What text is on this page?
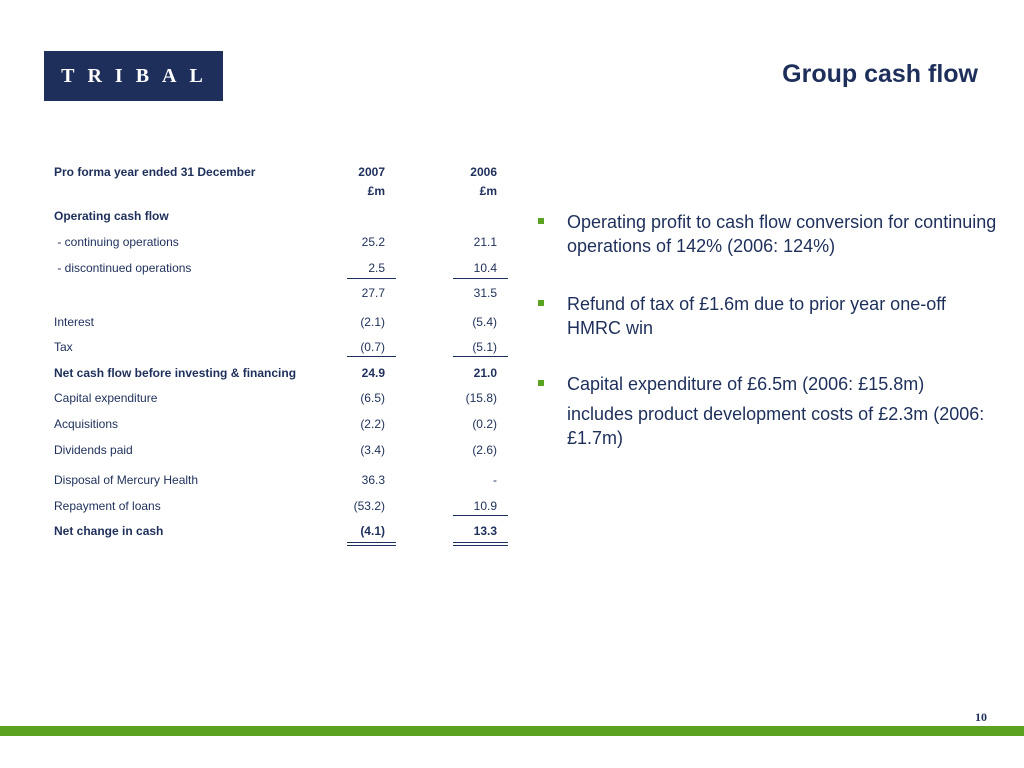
TRIBAL	Group cash flow
Pro forma year ended 31 December	2007	2006
£m	£m
Operating cash flow
- continuing operations	25.2	21.1
- discontinued operations	2.5	10.4
27.7	31.5
Interest	(2.1)	(5.4)
Tax	(0.7)	(5.1)
Net cash flow before investing & financing	24.9	21.0
Capital expenditure	(6.5)	(15.8)
Acquisitions	(2.2)	(0.2)
Dividends paid	(3.4)	(2.6)
Disposal of Mercury Health	36.3	-
Repayment of loans	(53.2)	10.9
Net change in cash	(4.1)	13.3
Operating profit to cash flow conversion for continuing operations of 142% (2006: 124%)
Refund of tax of £1.6m due to prior year one-off HMRC win
Capital expenditure of £6.5m (2006: £15.8m)
includes product development costs of £2.3m (2006: £1.7m)
10
